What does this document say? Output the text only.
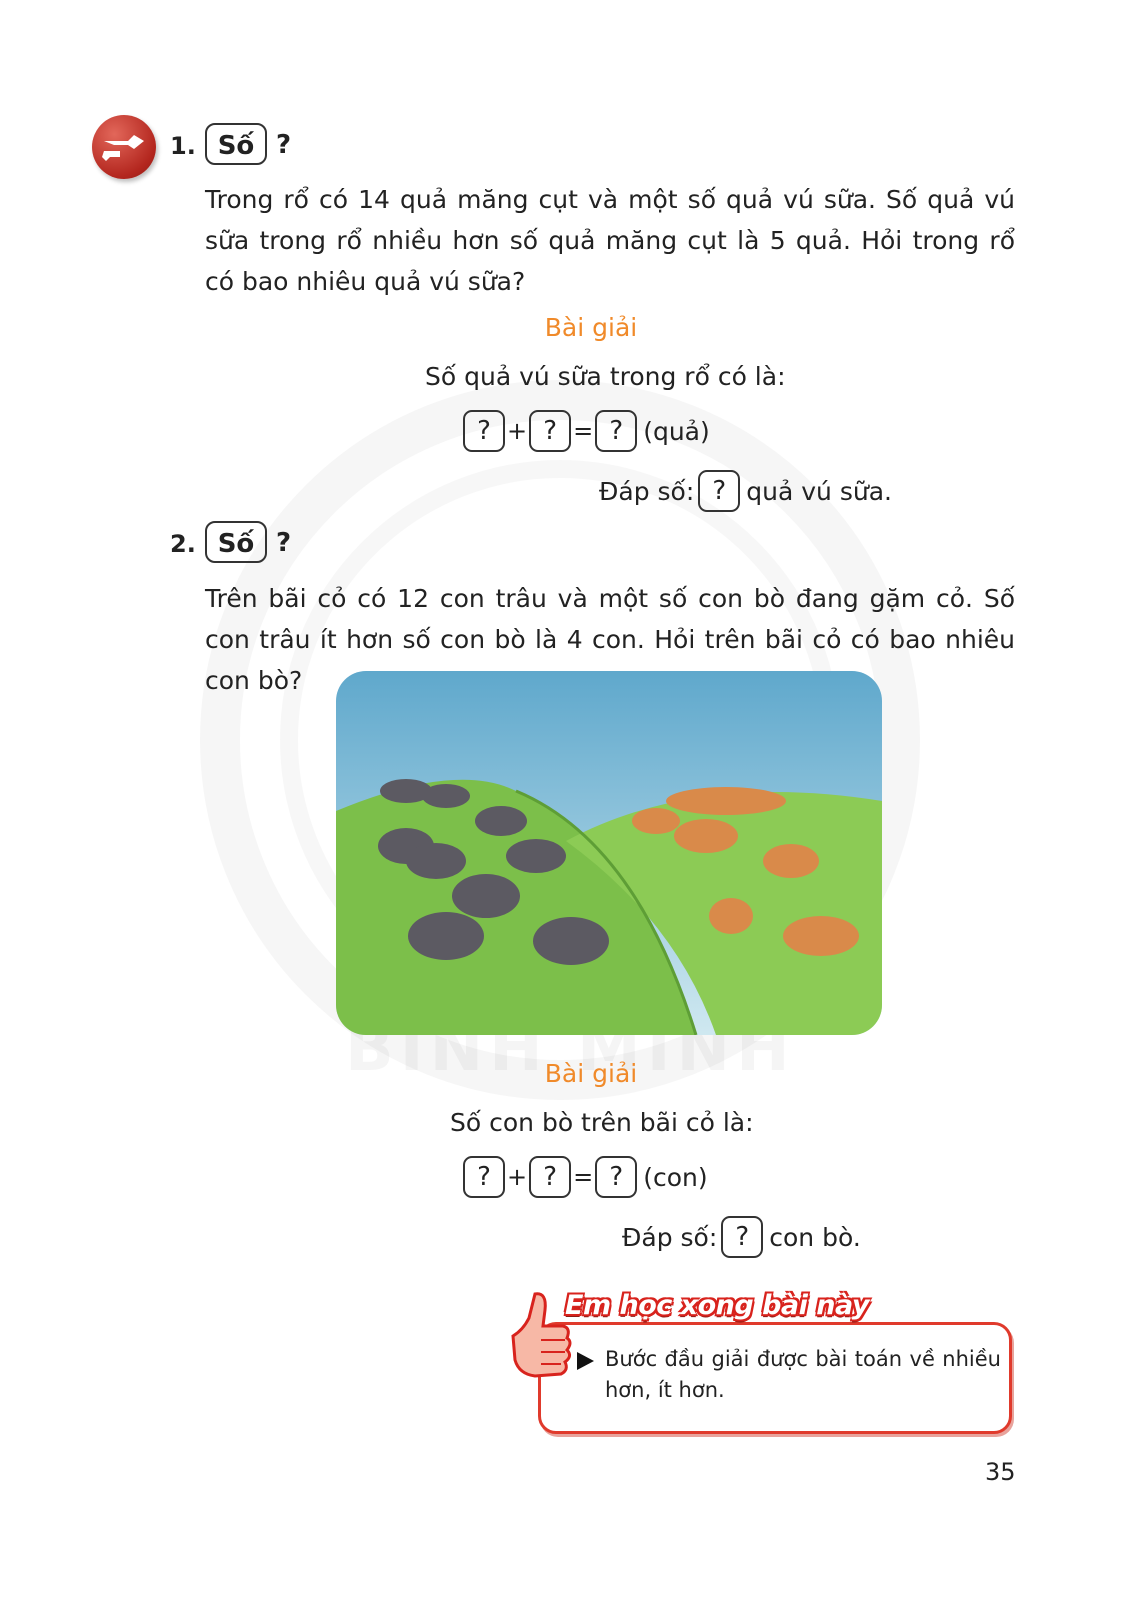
1. Số ?
Trong rổ có 14 quả măng cụt và một số quả vú sữa. Số quả vú sữa trong rổ nhiều hơn số quả măng cụt là 5 quả. Hỏi trong rổ có bao nhiêu quả vú sữa?
Bài giải
Số quả vú sữa trong rổ có là:
? + ? = ? (quả)
Đáp số: ? quả vú sữa.
2. Số ?
Trên bãi cỏ có 12 con trâu và một số con bò đang gặm cỏ. Số con trâu ít hơn số con bò là 4 con. Hỏi trên bãi cỏ có bao nhiêu con bò?
Bài giải
Số con bò trên bãi cỏ là:
? + ? = ? (con)
Đáp số: ? con bò.
Em học xong bài này
Bước đầu giải được bài toán về nhiều hơn, ít hơn.
35
